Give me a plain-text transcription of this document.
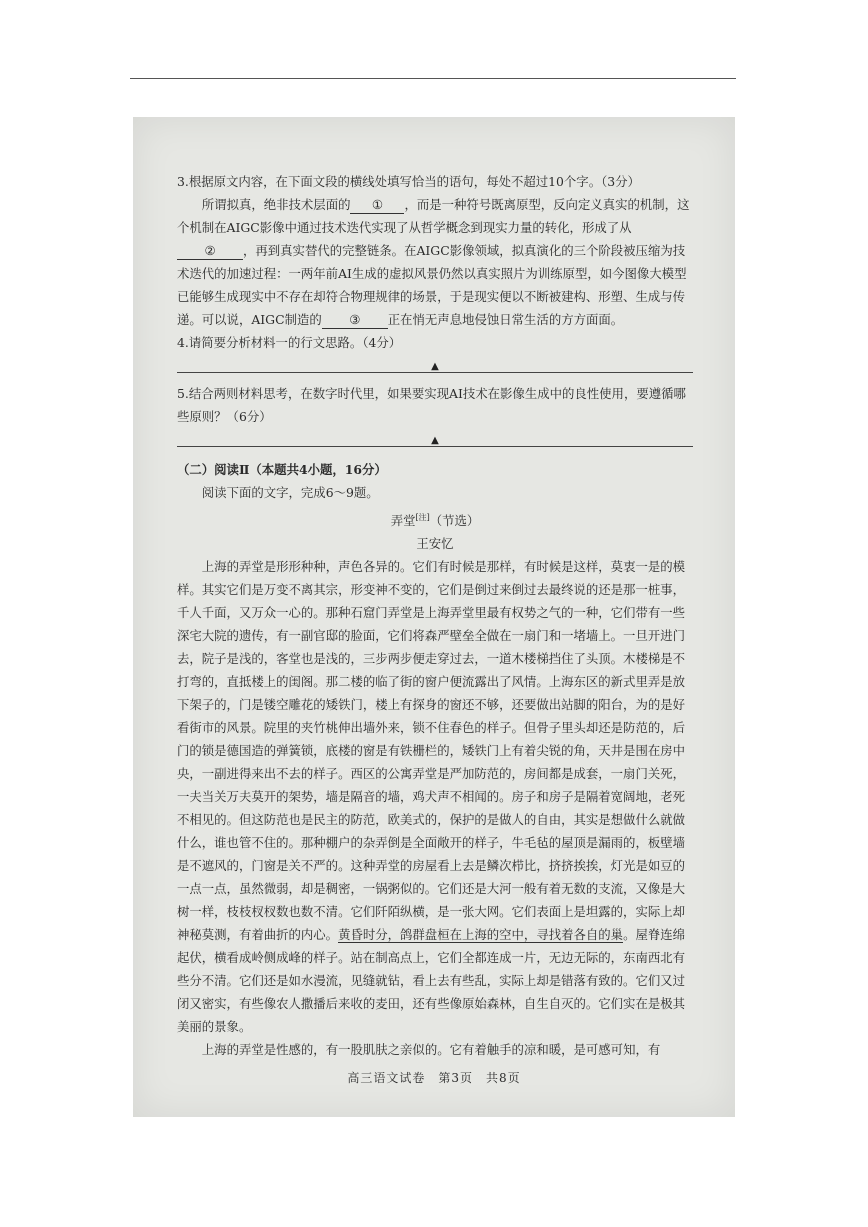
3.根据原文内容，在下面文段的横线处填写恰当的语句，每处不超过10个字。（3分）

所谓拟真，绝非技术层面的 ① ，而是一种符号既离原型，反向定义真实的机制，这个机制在AIGC影像中通过技术迭代实现了从哲学概念到现实力量的转化，形成了从② ，再到真实替代的完整链条。在AIGC影像领域，拟真演化的三个阶段被压缩为技术迭代的加速过程：一两年前AI生成的虚拟风景仍然以真实照片为训练原型，如今图像大模型已能够生成现实中不存在却符合物理规律的场景，于是现实便以不断被建构、形塑、生成与传递。可以说，AIGC制造的 ③ 正在悄无声息地侵蚀日常生活的方方面面。

4.请简要分析材料一的行文思路。（4分）

▲

5.结合两则材料思考，在数字时代里，如果要实现AI技术在影像生成中的良性使用，要遵循哪些原则？（6分）

▲

（二）阅读Ⅱ（本题共4小题，16分）

阅读下面的文字，完成6～9题。

弄堂[注]（节选）

王安忆

上海的弄堂是形形种种，声色各异的。它们有时候是那样，有时候是这样，莫衷一是的模样。其实它们是万变不离其宗，形变神不变的，它们是倒过来倒过去最终说的还是那一桩事，千人千面，又万众一心的。那种石窟门弄堂是上海弄堂里最有权势之气的一种，它们带有一些深宅大院的遗传，有一副官邸的脸面，它们将森严壁垒全做在一扇门和一堵墙上。一旦开进门去，院子是浅的，客堂也是浅的，三步两步便走穿过去，一道木楼梯挡住了头顶。木楼梯是不打弯的，直抵楼上的闺阁。那二楼的临了街的窗户便流露出了风情。上海东区的新式里弄是放下架子的，门是镂空雕花的矮铁门，楼上有探身的窗还不够，还要做出站脚的阳台，为的是好看街市的风景。院里的夹竹桃伸出墙外来，锁不住春色的样子。但骨子里头却还是防范的，后门的锁是德国造的弹簧锁，底楼的窗是有铁栅栏的，矮铁门上有着尖锐的角，天井是围在房中央，一副进得来出不去的样子。西区的公寓弄堂是严加防范的，房间都是成套，一扇门关死，一夫当关万夫莫开的架势，墙是隔音的墙，鸡犬声不相闻的。房子和房子是隔着宽阔地，老死不相见的。但这防范也是民主的防范，欧美式的，保护的是做人的自由，其实是想做什么就做什么，谁也管不住的。那种棚户的杂弄倒是全面敞开的样子，牛毛毡的屋顶是漏雨的，板壁墙是不遮风的，门窗是关不严的。这种弄堂的房屋看上去是鳞次栉比，挤挤挨挨，灯光是如豆的一点一点，虽然微弱，却是稠密，一锅粥似的。它们还是大河一般有着无数的支流，又像是大树一样，枝枝杈杈数也数不清。它们阡陌纵横，是一张大网。它们表面上是坦露的，实际上却神秘莫测，有着曲折的内心。黄昏时分，鸽群盘桓在上海的空中，寻找着各自的巢。屋脊连绵起伏，横看成岭侧成峰的样子。站在制高点上，它们全都连成一片，无边无际的，东南西北有些分不清。它们还是如水漫流，见缝就钻，看上去有些乱，实际上却是错落有致的。它们又过闭又密实，有些像农人撒播后来收的麦田，还有些像原始森林，自生自灭的。它们实在是极其美丽的景象。

上海的弄堂是性感的，有一股肌肤之亲似的。它有着触手的凉和暖，是可感可知，有

高三语文试卷　第3页　共8页
